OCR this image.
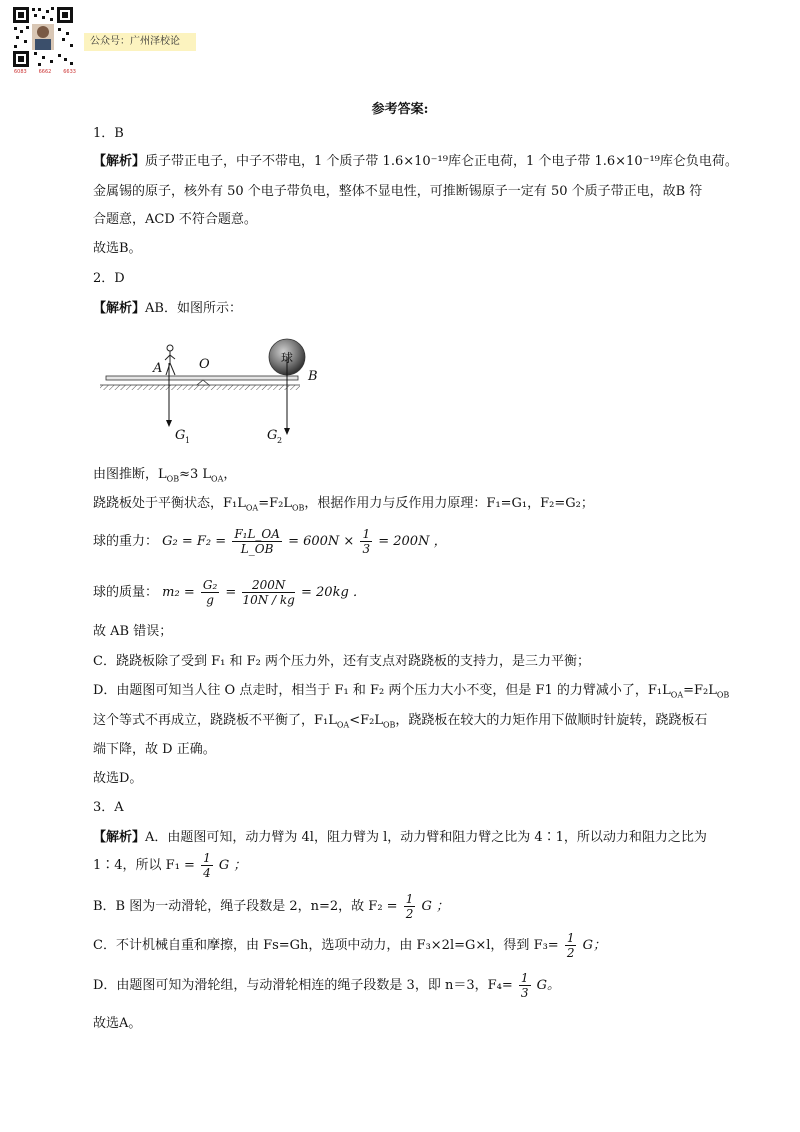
6083 6662 6633
公众号：广州泽校论
参考答案:
1．B
【解析】质子带正电子，中子不带电，1 个质子带 1.6×10⁻¹⁹库仑正电荷，1 个电子带 1.6×10⁻¹⁹库仑负电荷。
金属锡的原子，核外有 50 个电子带负电，整体不显电性，可推断锡原子一定有 50 个质子带正电，故B 符
合题意，ACD 不符合题意。
故选B。
2．D
【解析】AB．如图所示：
球
A	O
B
G 1	G 2
由图推断，$L_{OB}\approx 3$ $L_{OA}$，
跷跷板处于平衡状态，$F_1L_{OA}=F_2L_{OB}$，根据作用力与反作用力原理：F₁=G₁，F₂=G₂；
球的重力： $G_2 = F_2 = \frac{\text{F₁L\_OA}}{L\_OB} = 600N \times \frac{1}{3} = 200N$ ，
球的质量： $m_2 = \frac{\text{G₂}}{g} = \frac{200N}{10N / kg} = 20kg$ ．
故 AB 错误；
C．跷跷板除了受到 F₁ 和 F₂ 两个压力外，还有支点对跷跷板的支持力，是三力平衡；
D．由题图可知当人往 O 点走时，相当于 F₁ 和 F₂ 两个压力大小不变，但是 F1 的力臂减小了，$F_1L_{OA}=F_2L_{OB}$
这个等式不再成立，跷跷板不平衡了，$F_1L_{OA}<F_2L_{OB}$，跷跷板在较大的力矩作用下做顺时针旋转，跷跷板石
端下降，故 D 正确。
故选D。
3．A
【解析】A．由题图可知，动力臂为 4l，阻力臂为 l，动力臂和阻力臂之比为 4∶1，所以动力和阻力之比为
1∶4，所以 $F_1 = \frac{1}{4}$ G ；
B．B 图为一动滑轮，绳子段数是 2，n=2，故 $F_2 = \frac{1}{2}$ G ；
C．不计机械自重和摩擦，由 Fs=Gh，选项中动力，由 F₃×2l=G×l，得到 $F_3= \frac{1}{2}$ G；
D．由题图可知为滑轮组，与动滑轮相连的绳子段数是 3，即 n＝3，$F_4= \frac{1}{3}$ G。
故选A。
